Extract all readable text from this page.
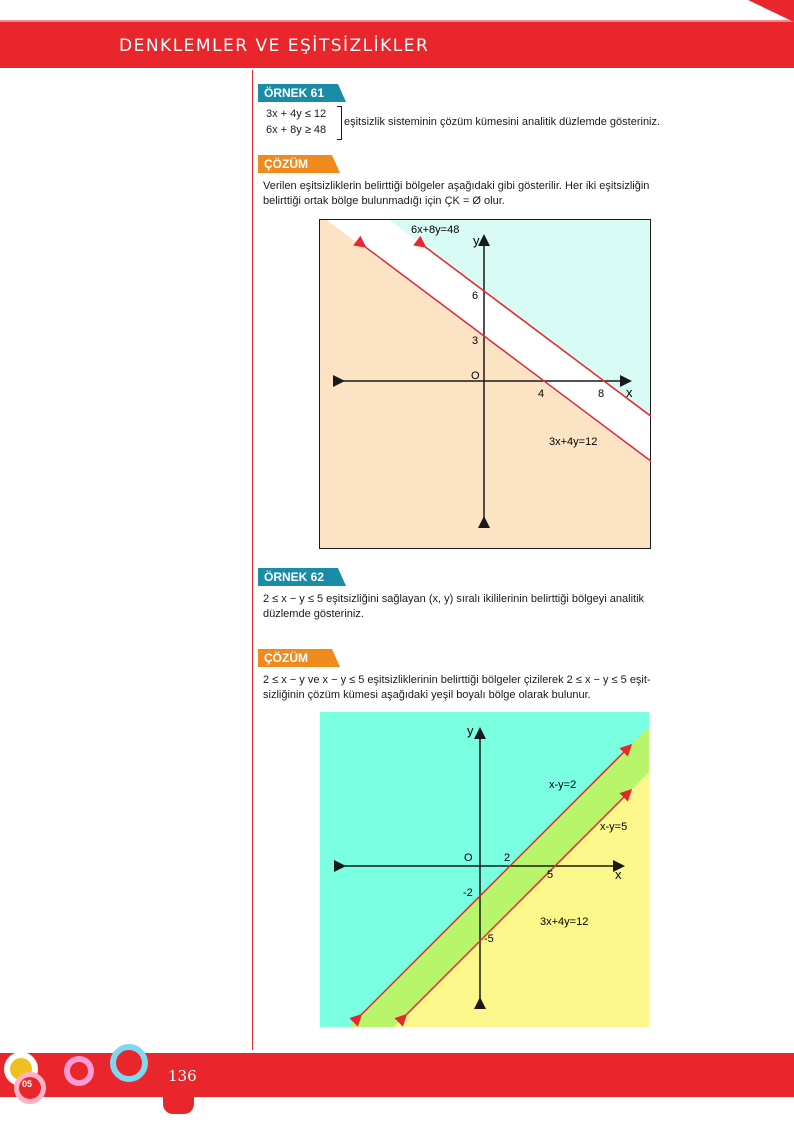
DENKLEMLER VE EŞİTSİZLİKLER
ÖRNEK 61
3x + 4y ≤ 12
6x + 8y ≥ 48
eşitsizlik sisteminin çözüm kümesini analitik düzlemde gösteriniz.
ÇÖZÜM
Verilen eşitsizliklerin belirttiği bölgeler aşağıdaki gibi gösterilir. Her iki eşitsizliğin
belirttiği ortak bölge bulunmadığı için ÇK = Ø olur.
6x+8y=48
3x+4y=12
y
x
O
4	8
3
6
ÖRNEK 62
2 ≤ x − y ≤ 5 eşitsizliğini sağlayan (x, y) sıralı ikililerinin belirttiği bölgeyi analitik
düzlemde gösteriniz.
ÇÖZÜM
2 ≤ x − y ve x − y ≤ 5 eşitsizliklerinin belirttiği bölgeler çizilerek 2 ≤ x − y ≤ 5 eşit-
sizliğinin çözüm kümesi aşağıdaki yeşil boyalı bölge olarak bulunur.
x-y=2
x-y=5
3x+4y=12
y
x
O	2
5
-2
-5
136
05
